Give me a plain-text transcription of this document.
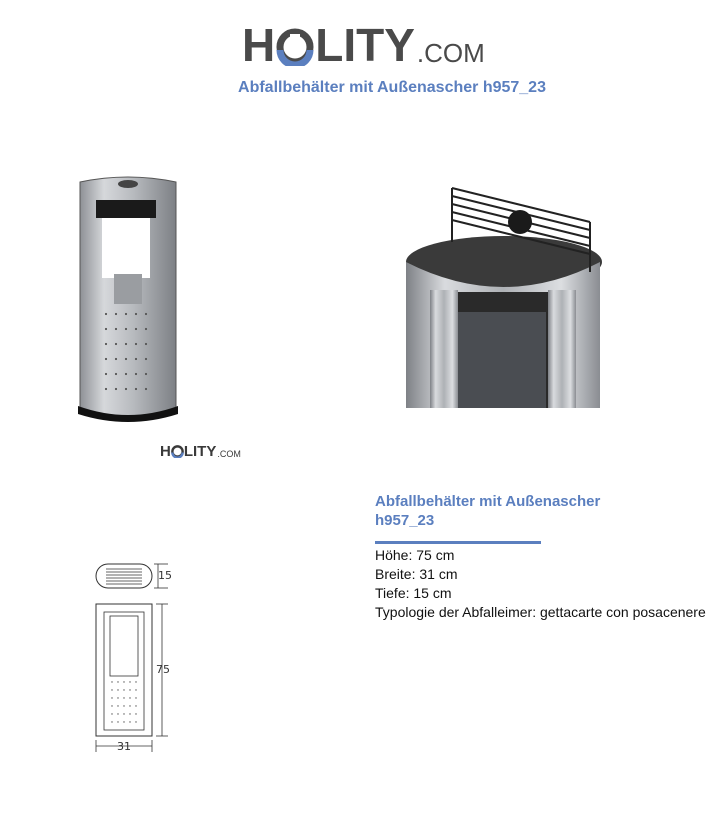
H LITY .COM
Abfallbehälter mit Außenascher h957_23
H LITY .COM
15
75
31
Abfallbehälter mit Außenascher
h957_23
Höhe: 75 cm
Breite: 31 cm
Tiefe: 15 cm
Typologie der Abfalleimer: gettacarte con posacenere
